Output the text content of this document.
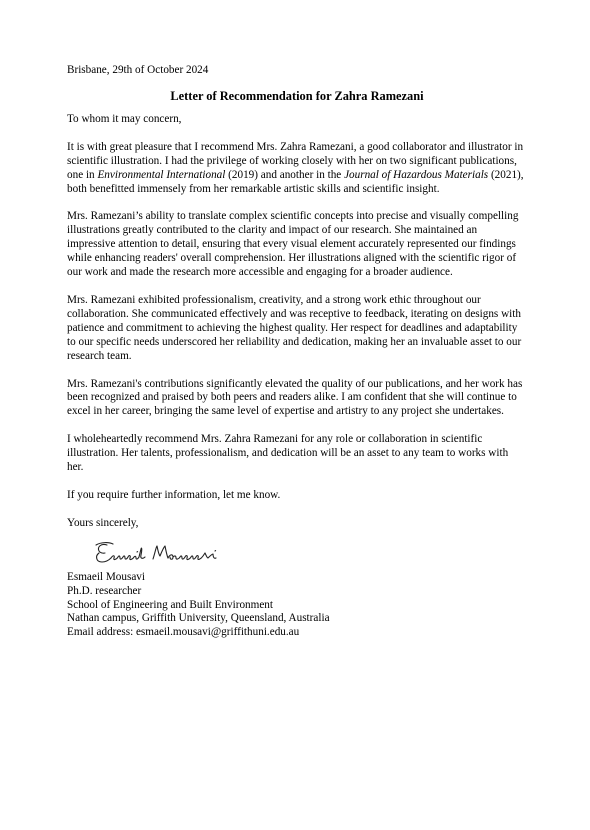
Brisbane, 29th of October 2024

Letter of Recommendation for Zahra Ramezani

To whom it may concern,

It is with great pleasure that I recommend Mrs. Zahra Ramezani, a good collaborator and illustrator in scientific illustration. I had the privilege of working closely with her on two significant publications, one in Environmental International (2019) and another in the Journal of Hazardous Materials (2021), both benefitted immensely from her remarkable artistic skills and scientific insight.

Mrs. Ramezani’s ability to translate complex scientific concepts into precise and visually compelling illustrations greatly contributed to the clarity and impact of our research. She maintained an impressive attention to detail, ensuring that every visual element accurately represented our findings while enhancing readers' overall comprehension. Her illustrations aligned with the scientific rigor of our work and made the research more accessible and engaging for a broader audience.

Mrs. Ramezani exhibited professionalism, creativity, and a strong work ethic throughout our collaboration. She communicated effectively and was receptive to feedback, iterating on designs with patience and commitment to achieving the highest quality. Her respect for deadlines and adaptability to our specific needs underscored her reliability and dedication, making her an invaluable asset to our research team.

Mrs. Ramezani's contributions significantly elevated the quality of our publications, and her work has been recognized and praised by both peers and readers alike. I am confident that she will continue to excel in her career, bringing the same level of expertise and artistry to any project she undertakes.

I wholeheartedly recommend Mrs. Zahra Ramezani for any role or collaboration in scientific illustration. Her talents, professionalism, and dedication will be an asset to any team to works with her.

If you require further information, let me know.

Yours sincerely,

Esmaeil Mousavi
Ph.D. researcher
School of Engineering and Built Environment
Nathan campus, Griffith University, Queensland, Australia
Email address: esmaeil.mousavi@griffithuni.edu.au
